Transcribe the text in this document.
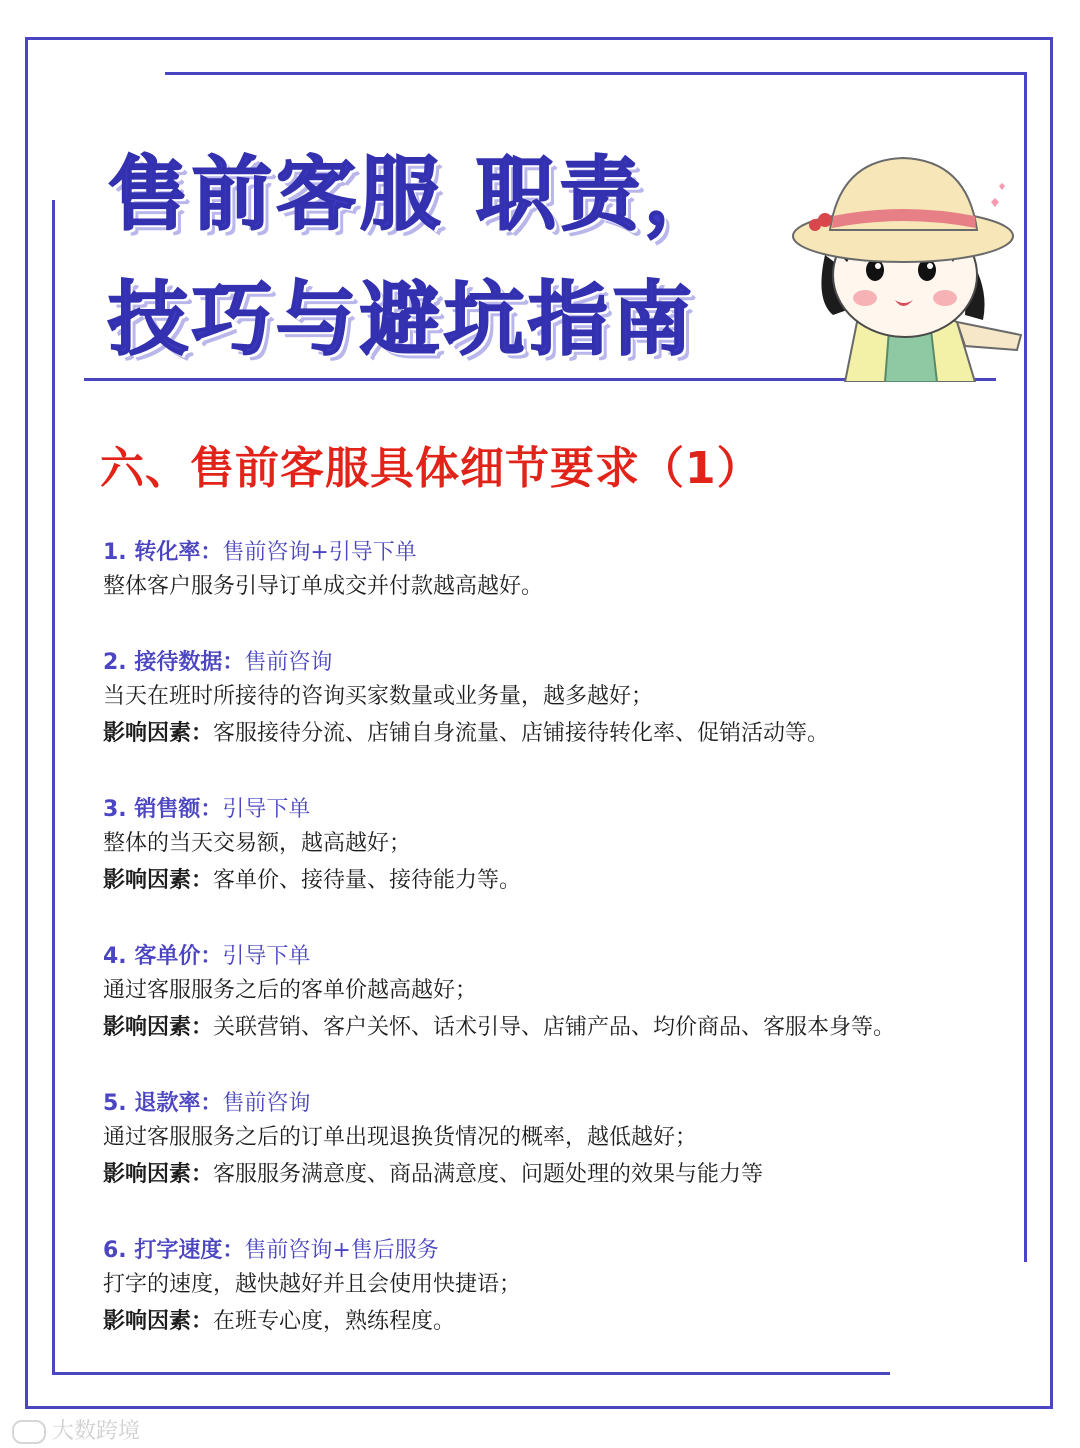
售前客服 职责，
技巧与避坑指南
六、售前客服具体细节要求（1）
1. 转化率：售前咨询+引导下单
整体客户服务引导订单成交并付款越高越好。
2. 接待数据：售前咨询
当天在班时所接待的咨询买家数量或业务量，越多越好；
影响因素：客服接待分流、店铺自身流量、店铺接待转化率、促销活动等。
3. 销售额：引导下单
整体的当天交易额，越高越好；
影响因素：客单价、接待量、接待能力等。
4. 客单价：引导下单
通过客服服务之后的客单价越高越好；
影响因素：关联营销、客户关怀、话术引导、店铺产品、均价商品、客服本身等。
5. 退款率：售前咨询
通过客服服务之后的订单出现退换货情况的概率，越低越好；
影响因素：客服服务满意度、商品满意度、问题处理的效果与能力等
6. 打字速度：售前咨询+售后服务
打字的速度，越快越好并且会使用快捷语；
影响因素：在班专心度，熟练程度。
大数跨境
